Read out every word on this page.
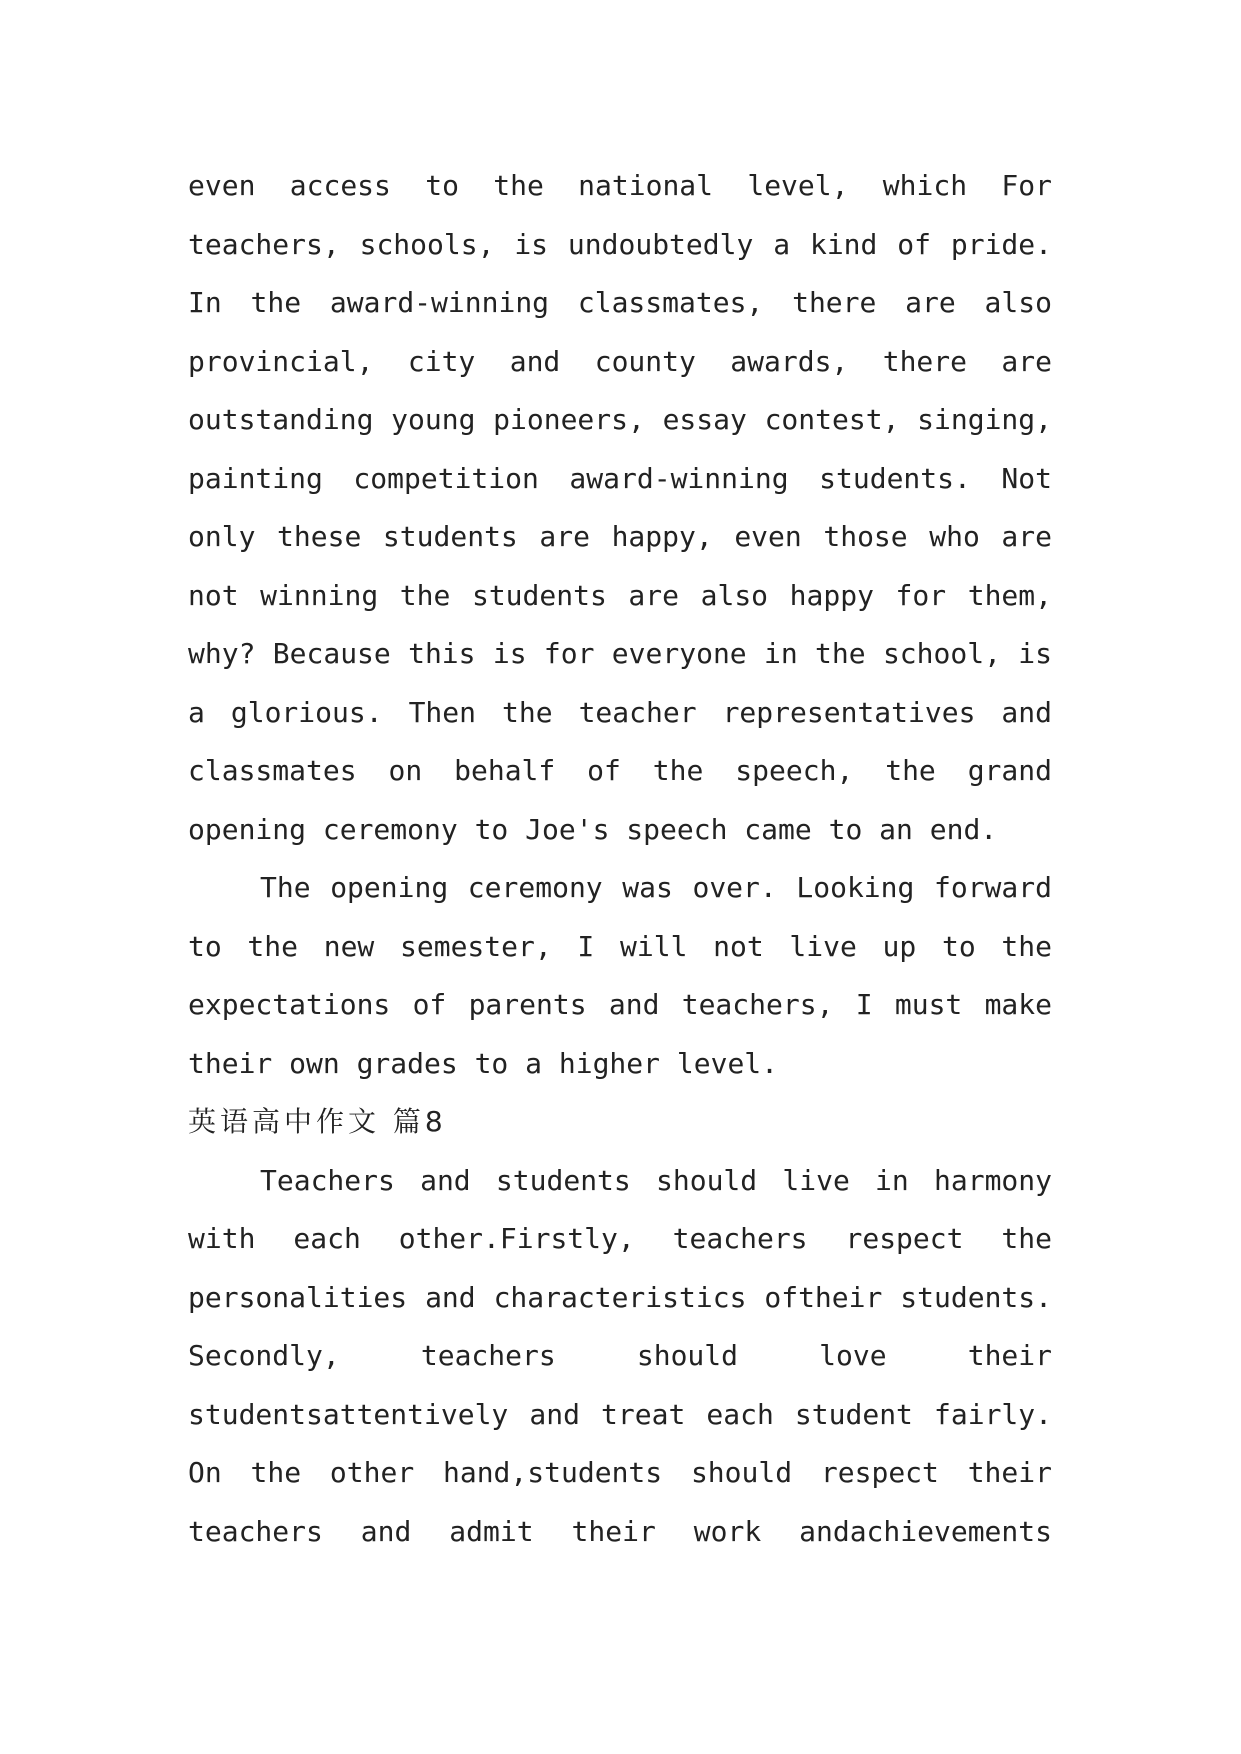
even access to the national level, which For
teachers, schools, is undoubtedly a kind of pride.
In the award-winning classmates, there are also
provincial, city and county awards, there are
outstanding young pioneers, essay contest, singing,
painting competition award-winning students. Not
only these students are happy, even those who are
not winning the students are also happy for them,
why? Because this is for everyone in the school, is
a glorious. Then the teacher representatives and
classmates on behalf of the speech, the grand
opening ceremony to Joe's speech came to an end.
The opening ceremony was over. Looking forward
to the new semester, I will not live up to the
expectations of parents and teachers, I must make
their own grades to a higher level.
英语高中作文 篇8
Teachers and students should live in harmony
with each other.Firstly, teachers respect the
personalities and characteristics oftheir students.
Secondly, teachers should love their
studentsattentively and treat each student fairly.
On the other hand,students should respect their
teachers and admit their work andachievements
